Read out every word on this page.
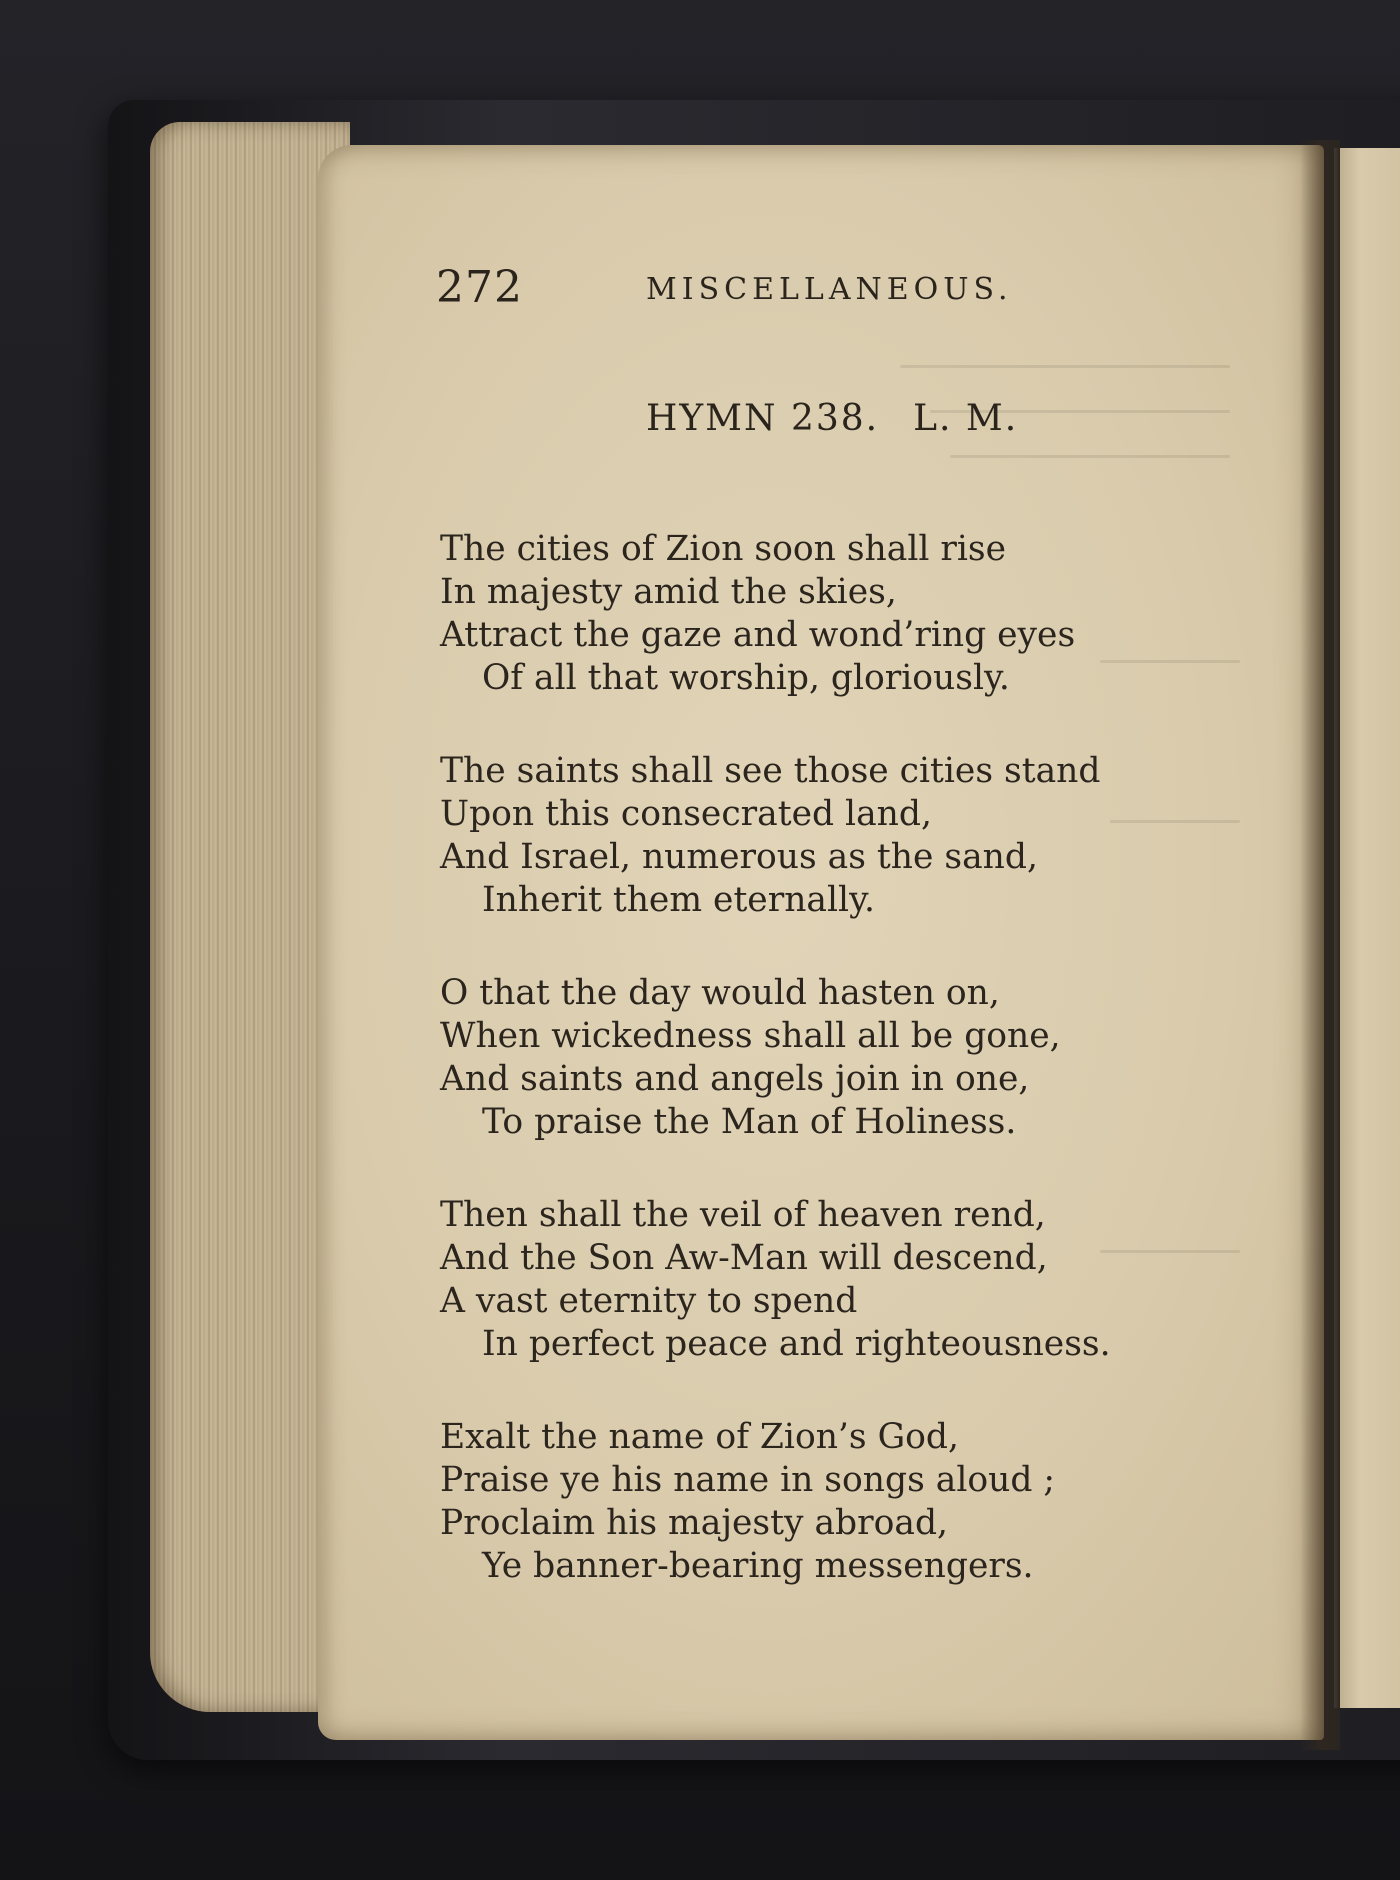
272	MISCELLANEOUS.
HYMN 238. L. M.
The cities of Zion soon shall rise
In majesty amid the skies,
Attract the gaze and wond’ring eyes
Of all that worship, gloriously.
The saints shall see those cities stand
Upon this consecrated land,
And Israel, numerous as the sand,
Inherit them eternally.
O that the day would hasten on,
When wickedness shall all be gone,
And saints and angels join in one,
To praise the Man of Holiness.
Then shall the veil of heaven rend,
And the Son Aw-Man will descend,
A vast eternity to spend
In perfect peace and righteousness.
Exalt the name of Zion’s God,
Praise ye his name in songs aloud ;
Proclaim his majesty abroad,
Ye banner-bearing messengers.
